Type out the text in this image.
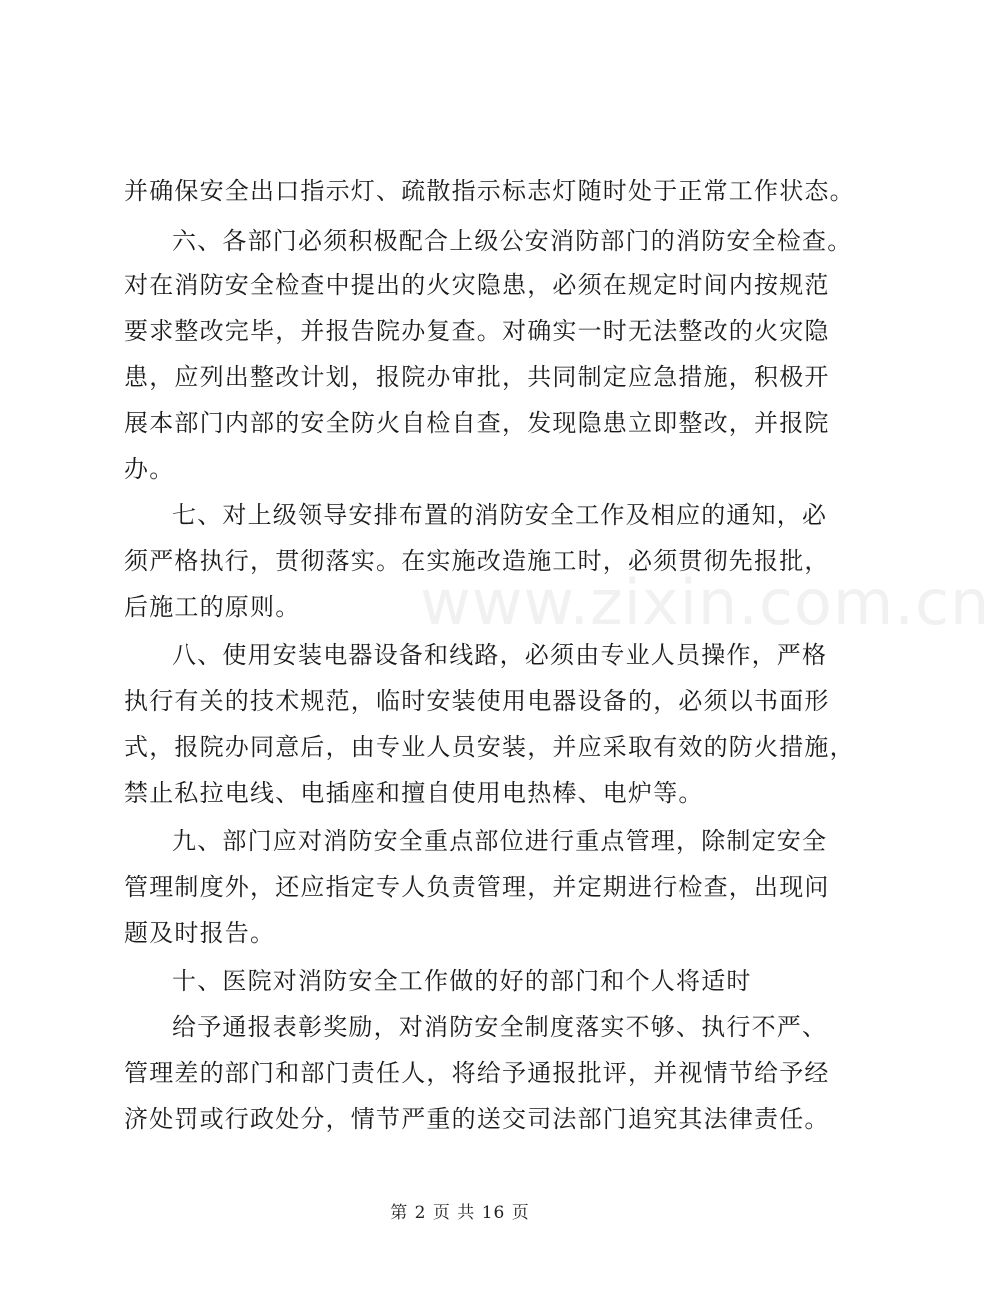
www.zixin.com.cn
并确保安全出口指示灯、疏散指示标志灯随时处于正常工作状态。
六、各部门必须积极配合上级公安消防部门的消防安全检查。
对在消防安全检查中提出的火灾隐患，必须在规定时间内按规范
要求整改完毕，并报告院办复查。对确实一时无法整改的火灾隐
患，应列出整改计划，报院办审批，共同制定应急措施，积极开
展本部门内部的安全防火自检自查，发现隐患立即整改，并报院
办。
七、对上级领导安排布置的消防安全工作及相应的通知，必
须严格执行，贯彻落实。在实施改造施工时，必须贯彻先报批，
后施工的原则。
八、使用安装电器设备和线路，必须由专业人员操作，严格
执行有关的技术规范，临时安装使用电器设备的，必须以书面形
式，报院办同意后，由专业人员安装，并应采取有效的防火措施，
禁止私拉电线、电插座和擅自使用电热棒、电炉等。
九、部门应对消防安全重点部位进行重点管理，除制定安全
管理制度外，还应指定专人负责管理，并定期进行检查，出现问
题及时报告。
十、医院对消防安全工作做的好的部门和个人将适时
给予通报表彰奖励，对消防安全制度落实不够、执行不严、
管理差的部门和部门责任人，将给予通报批评，并视情节给予经
济处罚或行政处分，情节严重的送交司法部门追究其法律责任。
第 2 页 共 16 页
